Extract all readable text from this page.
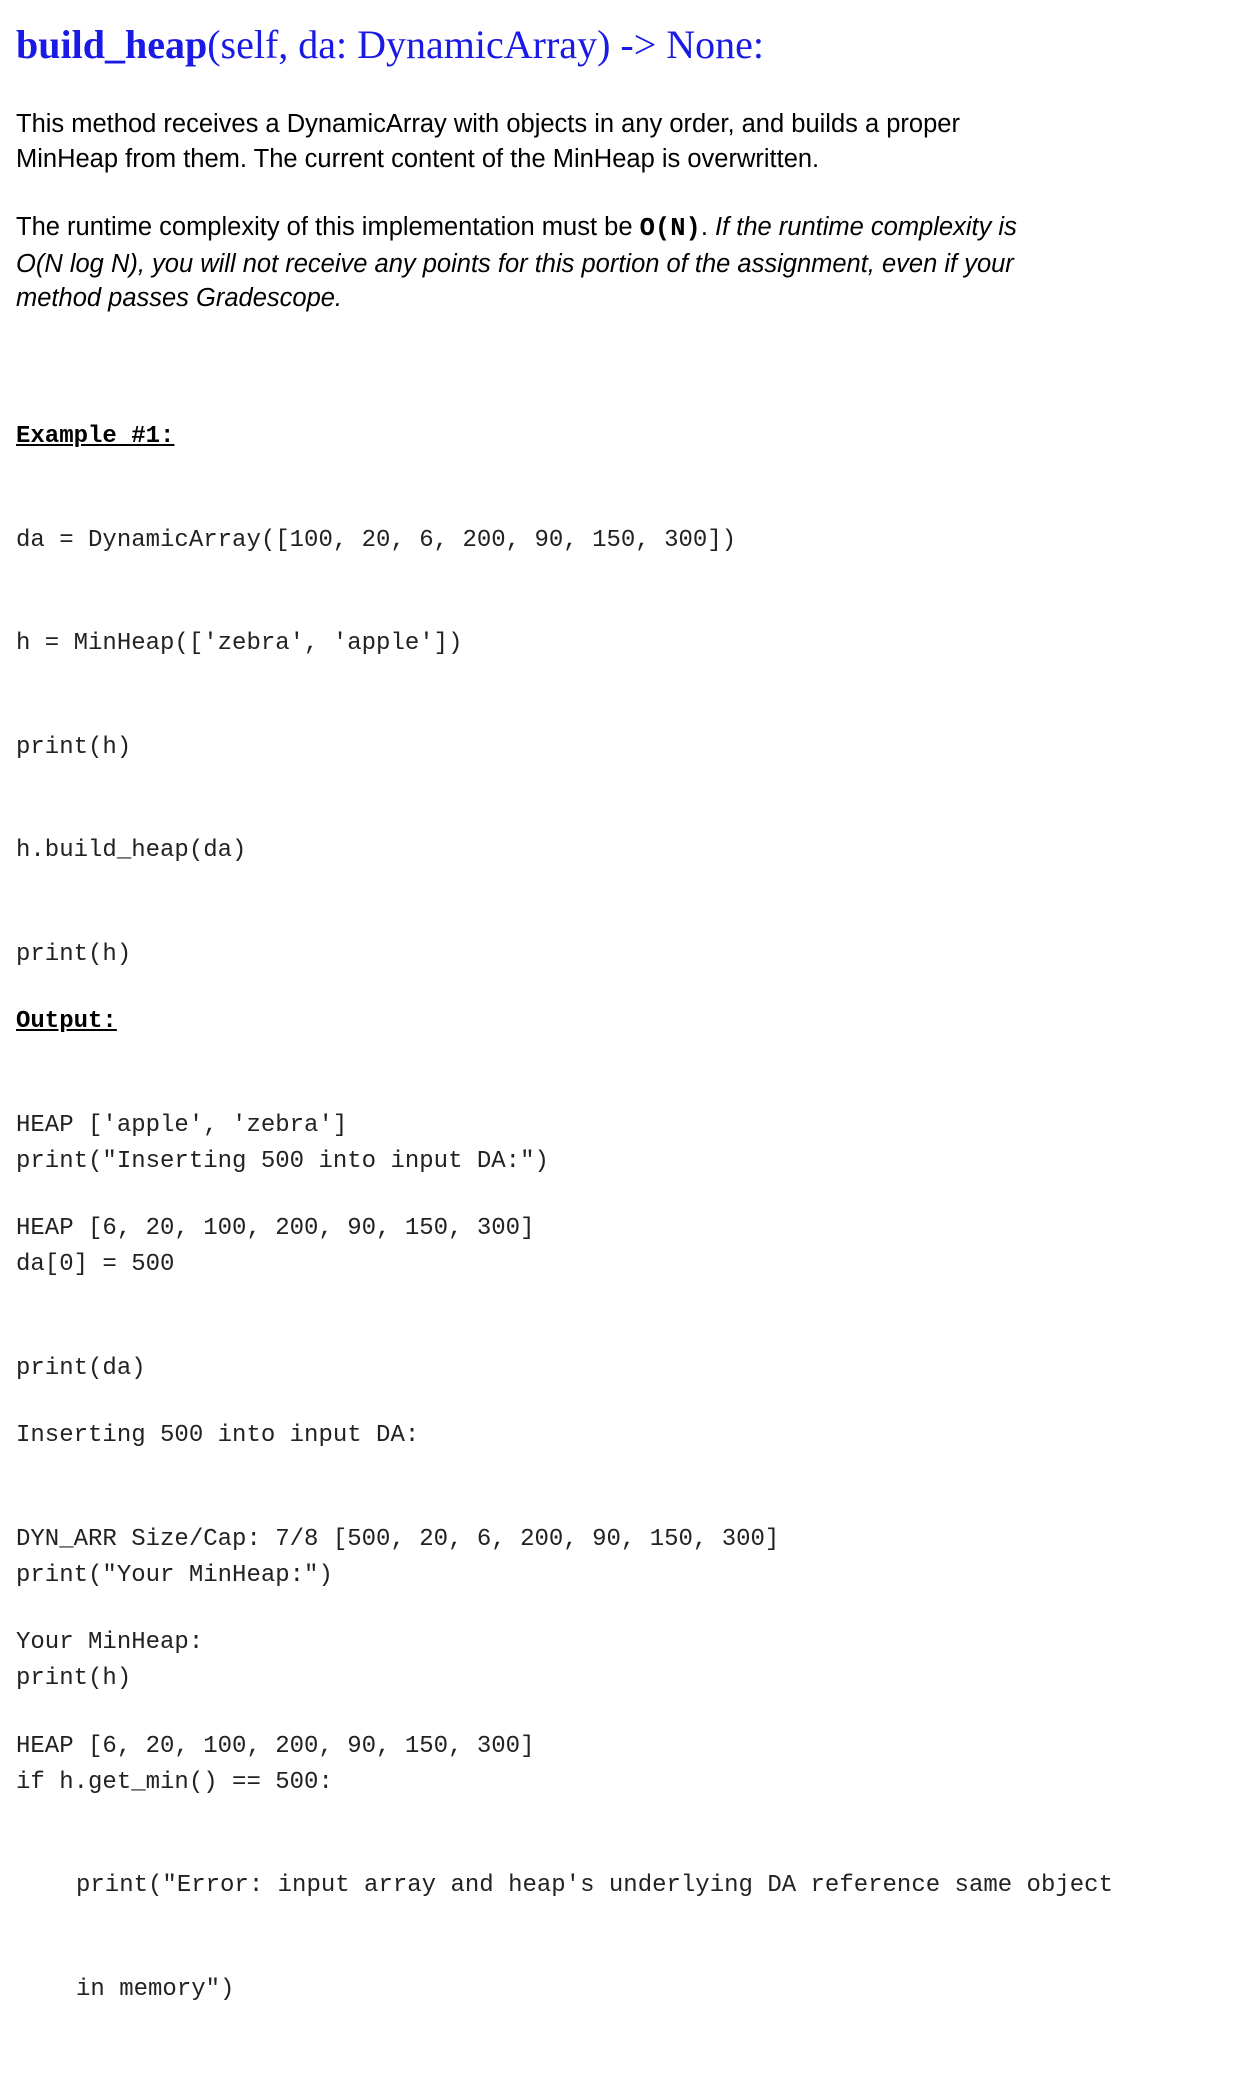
build_heap(self, da: DynamicArray) -> None:

This method receives a DynamicArray with objects in any order, and builds a proper
MinHeap from them. The current content of the MinHeap is overwritten.

The runtime complexity of this implementation must be O(N). If the runtime complexity is
O(N log N), you will not receive any points for this portion of the assignment, even if your
method passes Gradescope.

Example #1:

da = DynamicArray([100, 20, 6, 200, 90, 150, 300])

h = MinHeap(['zebra', 'apple'])

print(h)

h.build_heap(da)

print(h)

print("Inserting 500 into input DA:")

da[0] = 500

print(da)

print("Your MinHeap:")

print(h)

if h.get_min() == 500:

print("Error: input array and heap's underlying DA reference same object

in memory")

Output:

HEAP ['apple', 'zebra']

HEAP [6, 20, 100, 200, 90, 150, 300]

Inserting 500 into input DA:

DYN_ARR Size/Cap: 7/8 [500, 20, 6, 200, 90, 150, 300]

Your MinHeap:

HEAP [6, 20, 100, 200, 90, 150, 300]
